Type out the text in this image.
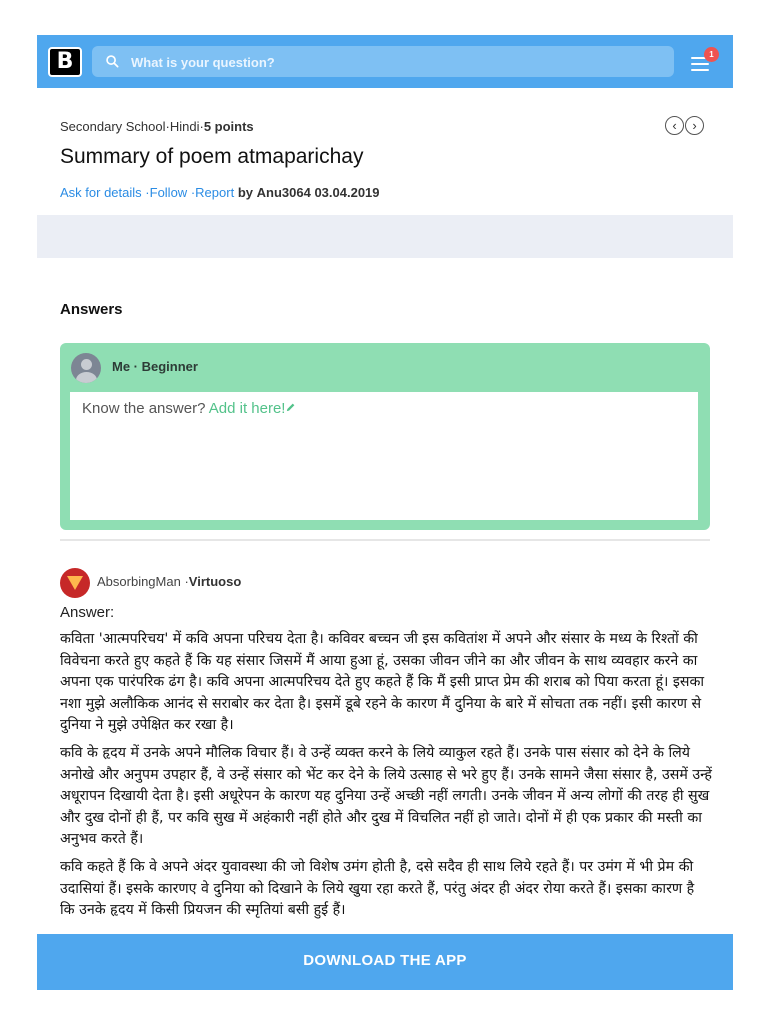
B
What is your question?	1
Secondary School·Hindi·5 points	‹ ›
Summary of poem atmaparichay
Ask for details ·Follow ·Report by Anu3064 03.04.2019
Answers
Me · Beginner
Know the answer? Add it here!
AbsorbingMan ·Virtuoso
Answer:

कविता 'आत्मपरिचय' में कवि अपना परिचय देता है। कविवर बच्चन जी इस कवितांश में अपने और संसार के मध्य के रिश्तों की विवेचना करते हुए कहते हैं कि यह संसार जिसमें मैं आया हुआ हूं, उसका जीवन जीने का और जीवन के साथ व्यवहार करने का अपना एक पारंपरिक ढंग है। कवि अपना आत्मपरिचय देते हुए कहते हैं कि मैं इसी प्राप्त प्रेम की शराब को पिया करता हूं। इसका नशा मुझे अलौकिक आनंद से सराबोर कर देता है। इसमें डूबे रहने के कारण मैं दुनिया के बारे में सोचता तक नहीं। इसी कारण से दुनिया ने मुझे उपेक्षित कर रखा है।

कवि के हृदय में उनके अपने मौलिक विचार हैं। वे उन्हें व्यक्त करने के लिये व्याकुल रहते हैं। उनके पास संसार को देने के लिये अनोखे और अनुपम उपहार हैं, वे उन्हें संसार को भेंट कर देने के लिये उत्साह से भरे हुए हैं। उनके सामने जैसा संसार है, उसमें उन्हें अधूरापन दिखायी देता है। इसी अधूरेपन के कारण यह दुनिया उन्हें अच्छी नहीं लगती। उनके जीवन में अन्य लोगों की तरह ही सुख और दुख दोनों ही हैं, पर कवि सुख में अहंकारी नहीं होते और दुख में विचलित नहीं हो जाते। दोनों में ही एक प्रकार की मस्ती का अनुभव करते हैं।

कवि कहते हैं कि वे अपने अंदर युवावस्था की जो विशेष उमंग होती है, दसे सदैव ही साथ लिये रहते हैं। पर उमंग में भी प्रेम की उदासियां हैं। इसके कारणए वे दुनिया को दिखाने के लिये खुया रहा करते हैं, परंतु अंदर ही अंदर रोया करते हैं। इसका कारण है कि उनके हृदय में किसी प्रियजन की स्मृतियां बसी हुई हैं।

DOWNLOAD THE APP
